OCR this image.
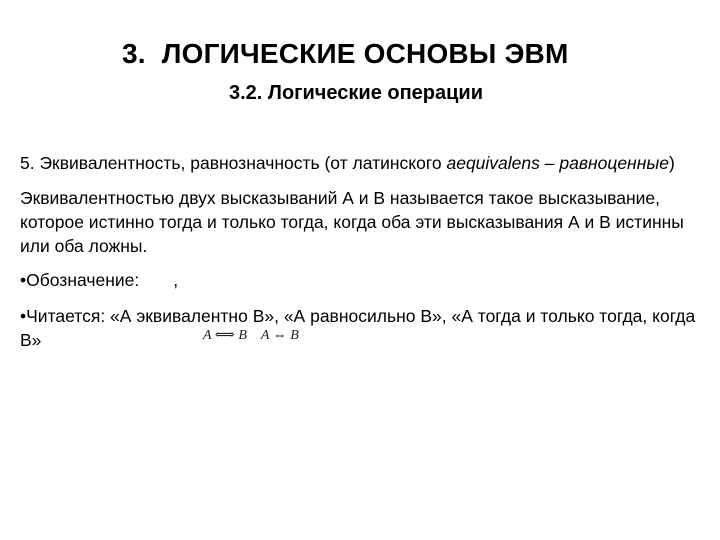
3. ЛОГИЧЕСКИЕ ОСНОВЫ ЭВМ
3.2. Логические операции

5. Эквивалентность, равнозначность (от латинского aequivalens – равноценные)

Эквивалентностью двух высказываний А и В называется такое высказывание, которое истинно тогда и только тогда, когда оба эти высказывания А и В истинны или оба ложны.

•Обозначение: ,

•Читается: «А эквивалентно В», «А равносильно В», «А тогда и только тогда, когда В»	A ⟺ B A ⇔ B
